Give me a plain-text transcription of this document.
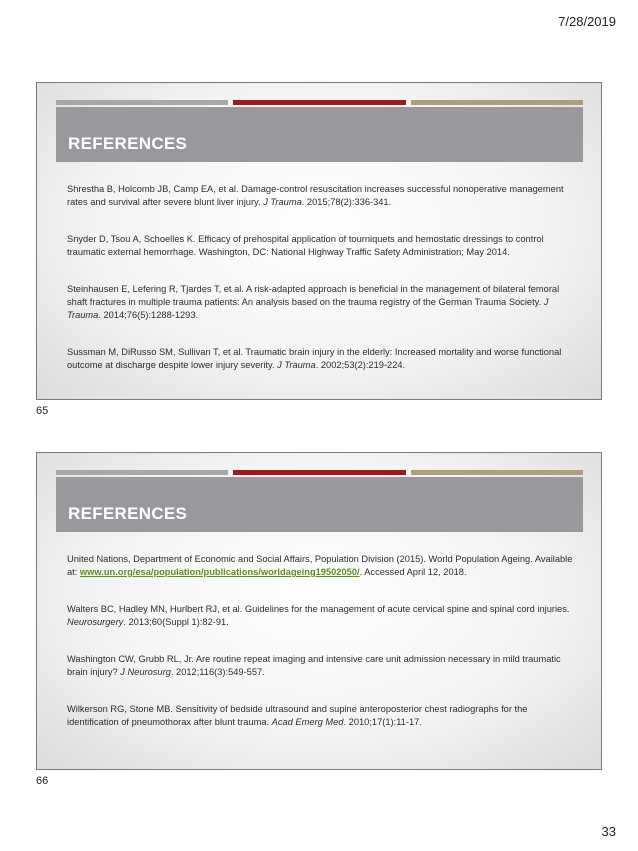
7/28/2019
REFERENCES

Shrestha B, Holcomb JB, Camp EA, et al. Damage-control resuscitation increases successful nonoperative management rates and survival after severe blunt liver injury. J Trauma. 2015;78(2):336-341.

Snyder D, Tsou A, Schoelles K. Efficacy of prehospital application of tourniquets and hemostatic dressings to control traumatic external hemorrhage. Washington, DC: National Highway Traffic Safety Administration; May 2014.

Steinhausen E, Lefering R, Tjardes T, et al. A risk-adapted approach is beneficial in the management of bilateral femoral shaft fractures in multiple trauma patients: An analysis based on the trauma registry of the German Trauma Society. J Trauma. 2014;76(5):1288-1293.

Sussman M, DiRusso SM, Sullivan T, et al. Traumatic brain injury in the elderly: Increased mortality and worse functional outcome at discharge despite lower injury severity. J Trauma. 2002;53(2):219-224.

65
REFERENCES

United Nations, Department of Economic and Social Affairs, Population Division (2015). World Population Ageing. Available at: www.un.org/esa/population/publications/worldageing19502050/. Accessed April 12, 2018.

Walters BC, Hadley MN, Hurlbert RJ, et al. Guidelines for the management of acute cervical spine and spinal cord injuries. Neurosurgery. 2013;60(Suppl 1):82-91.

Washington CW, Grubb RL, Jr. Are routine repeat imaging and intensive care unit admission necessary in mild traumatic brain injury? J Neurosurg. 2012;116(3):549-557.

Wilkerson RG, Stone MB. Sensitivity of bedside ultrasound and supine anteroposterior chest radiographs for the identification of pneumothorax after blunt trauma. Acad Emerg Med. 2010;17(1):11-17.

66
33
